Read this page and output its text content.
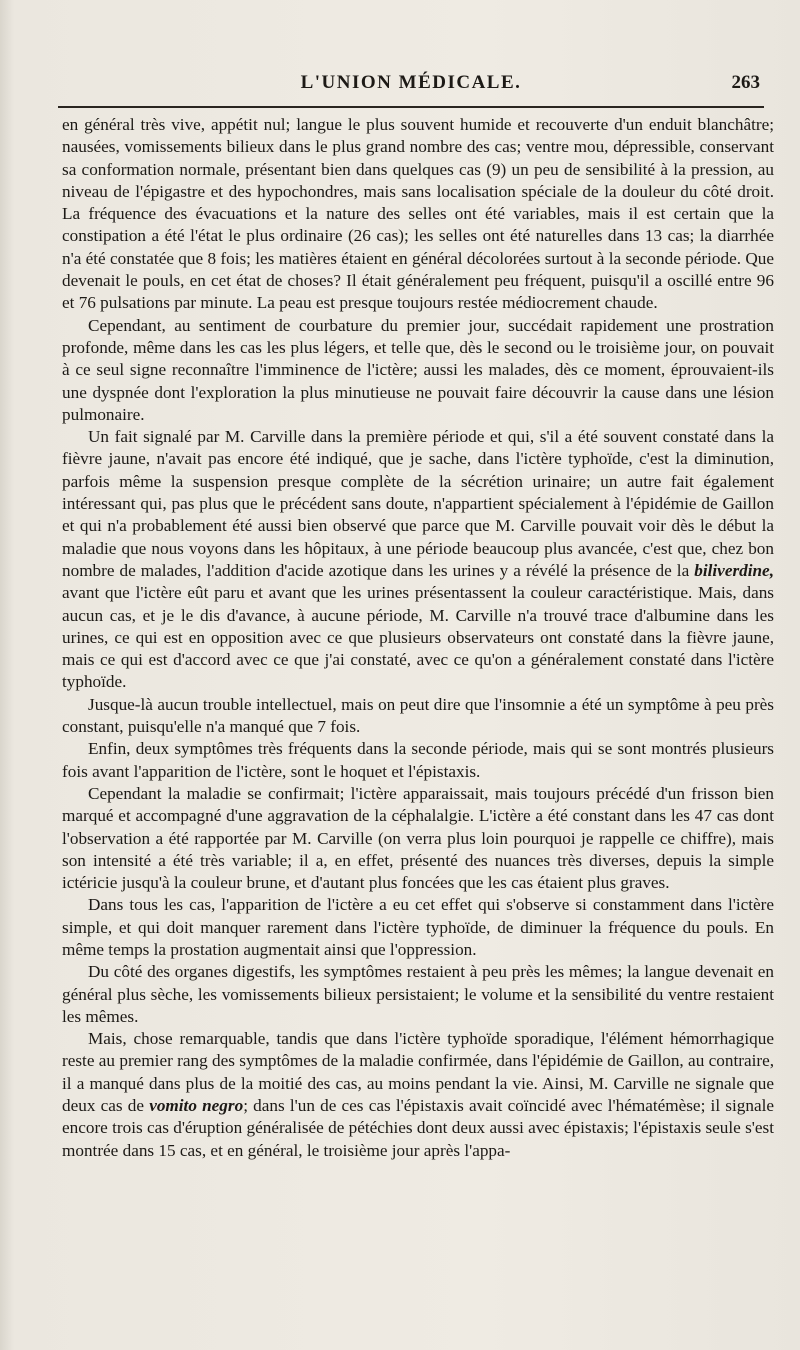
L'UNION MÉDICALE.	263

en général très vive, appétit nul; langue le plus souvent humide et recouverte d'un enduit blanchâtre; nausées, vomissements bilieux dans le plus grand nombre des cas; ventre mou, dépressible, conservant sa conformation normale, présentant bien dans quelques cas (9) un peu de sensibilité à la pression, au niveau de l'épigastre et des hypochondres, mais sans localisation spéciale de la douleur du côté droit. La fréquence des évacuations et la nature des selles ont été variables, mais il est certain que la constipation a été l'état le plus ordinaire (26 cas); les selles ont été naturelles dans 13 cas; la diarrhée n'a été constatée que 8 fois; les matières étaient en général décolorées surtout à la seconde période. Que devenait le pouls, en cet état de choses? Il était généralement peu fréquent, puisqu'il a oscillé entre 96 et 76 pulsations par minute. La peau est presque toujours restée médiocrement chaude.

Cependant, au sentiment de courbature du premier jour, succédait rapidement une prostration profonde, même dans les cas les plus légers, et telle que, dès le second ou le troisième jour, on pouvait à ce seul signe reconnaître l'imminence de l'ictère; aussi les malades, dès ce moment, éprouvaient-ils une dyspnée dont l'exploration la plus minutieuse ne pouvait faire découvrir la cause dans une lésion pulmonaire.

Un fait signalé par M. Carville dans la première période et qui, s'il a été souvent constaté dans la fièvre jaune, n'avait pas encore été indiqué, que je sache, dans l'ictère typhoïde, c'est la diminution, parfois même la suspension presque complète de la sécrétion urinaire; un autre fait également intéressant qui, pas plus que le précédent sans doute, n'appartient spécialement à l'épidémie de Gaillon et qui n'a probablement été aussi bien observé que parce que M. Carville pouvait voir dès le début la maladie que nous voyons dans les hôpitaux, à une période beaucoup plus avancée, c'est que, chez bon nombre de malades, l'addition d'acide azotique dans les urines y a révélé la présence de la biliverdine, avant que l'ictère eût paru et avant que les urines présentassent la couleur caractéristique. Mais, dans aucun cas, et je le dis d'avance, à aucune période, M. Carville n'a trouvé trace d'albumine dans les urines, ce qui est en opposition avec ce que plusieurs observateurs ont constaté dans la fièvre jaune, mais ce qui est d'accord avec ce que j'ai constaté, avec ce qu'on a généralement constaté dans l'ictère typhoïde.

Jusque-là aucun trouble intellectuel, mais on peut dire que l'insomnie a été un symptôme à peu près constant, puisqu'elle n'a manqué que 7 fois.

Enfin, deux symptômes très fréquents dans la seconde période, mais qui se sont montrés plusieurs fois avant l'apparition de l'ictère, sont le hoquet et l'épistaxis.

Cependant la maladie se confirmait; l'ictère apparaissait, mais toujours précédé d'un frisson bien marqué et accompagné d'une aggravation de la céphalalgie. L'ictère a été constant dans les 47 cas dont l'observation a été rapportée par M. Carville (on verra plus loin pourquoi je rappelle ce chiffre), mais son intensité a été très variable; il a, en effet, présenté des nuances très diverses, depuis la simple ictéricie jusqu'à la couleur brune, et d'autant plus foncées que les cas étaient plus graves.

Dans tous les cas, l'apparition de l'ictère a eu cet effet qui s'observe si constamment dans l'ictère simple, et qui doit manquer rarement dans l'ictère typhoïde, de diminuer la fréquence du pouls. En même temps la prostation augmentait ainsi que l'oppression.

Du côté des organes digestifs, les symptômes restaient à peu près les mêmes; la langue devenait en général plus sèche, les vomissements bilieux persistaient; le volume et la sensibilité du ventre restaient les mêmes.

Mais, chose remarquable, tandis que dans l'ictère typhoïde sporadique, l'élément hémorrhagique reste au premier rang des symptômes de la maladie confirmée, dans l'épidémie de Gaillon, au contraire, il a manqué dans plus de la moitié des cas, au moins pendant la vie. Ainsi, M. Carville ne signale que deux cas de vomito negro; dans l'un de ces cas l'épistaxis avait coïncidé avec l'hématémèse; il signale encore trois cas d'éruption généralisée de pétéchies dont deux aussi avec épistaxis; l'épistaxis seule s'est montrée dans 15 cas, et en général, le troisième jour après l'appa-
